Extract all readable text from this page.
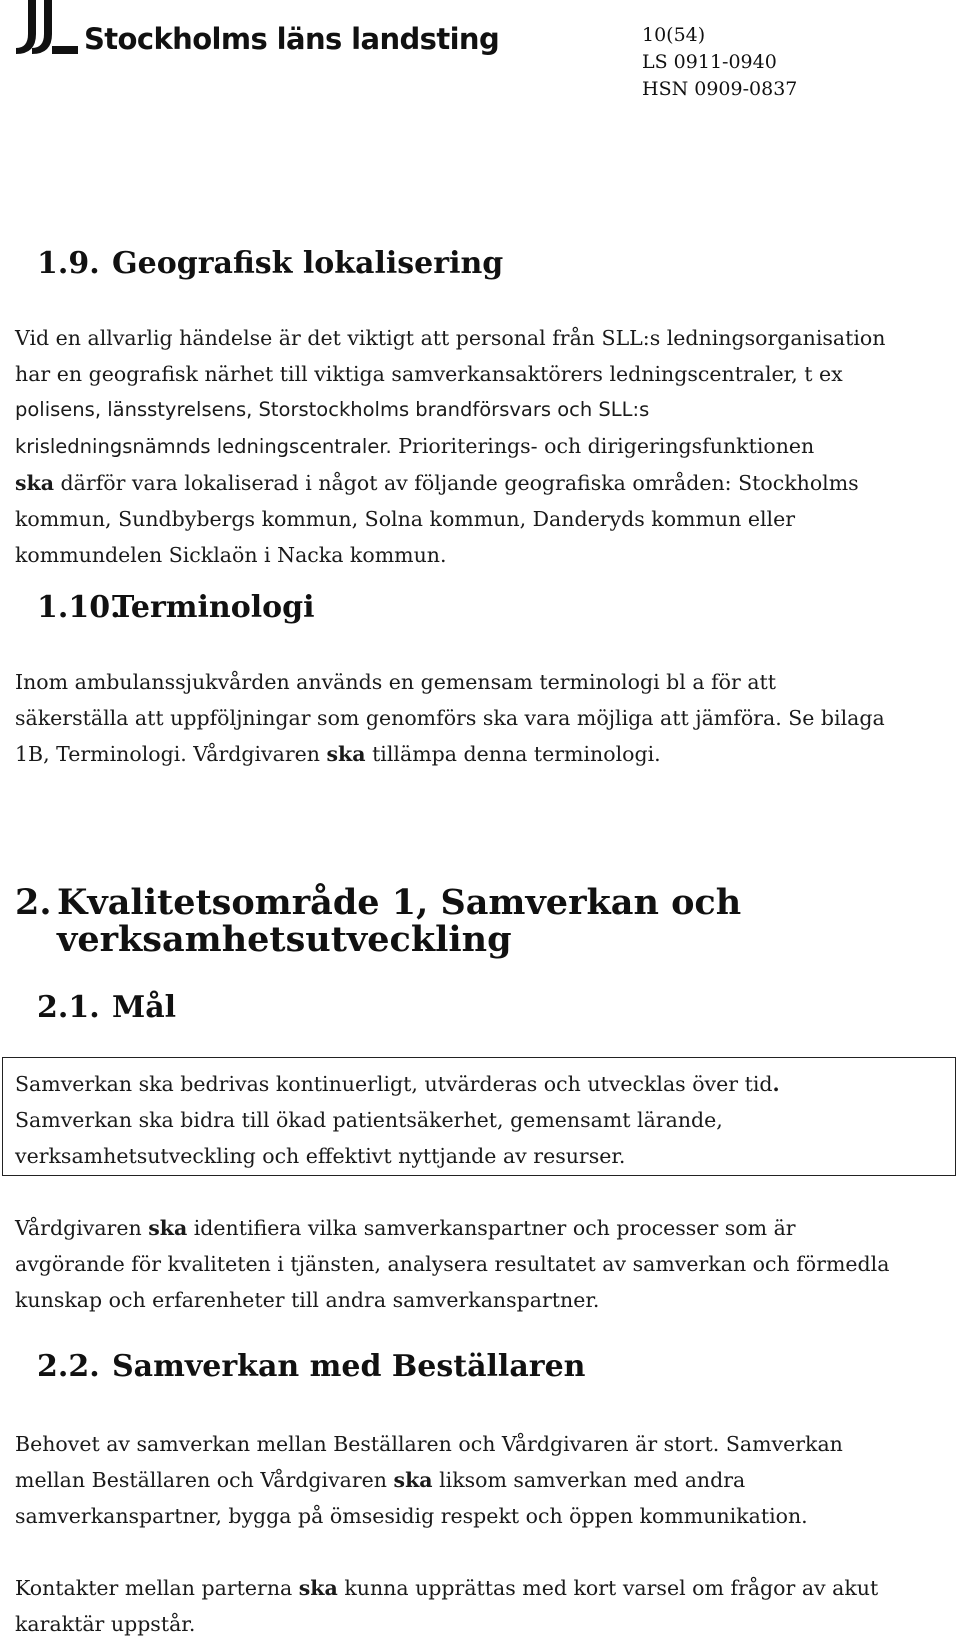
Stockholms läns landsting	10(54)
LS 0911-0940
HSN 0909-0837
1.9. Geografisk lokalisering
Vid en allvarlig händelse är det viktigt att personal från SLL:s ledningsorganisation
har en geografisk närhet till viktiga samverkansaktörers ledningscentraler, t ex
polisens, länsstyrelsens, Storstockholms brandförsvars och SLL:s
krisledningsnämnds ledningscentraler. Prioriterings- och dirigeringsfunktionen
ska därför vara lokaliserad i något av följande geografiska områden: Stockholms
kommun, Sundbybergs kommun, Solna kommun, Danderyds kommun eller
kommundelen Sicklaön i Nacka kommun.
1.10.
Terminologi
Inom ambulanssjukvården används en gemensam terminologi bl a för att
säkerställa att uppföljningar som genomförs ska vara möjliga att jämföra. Se bilaga
1B, Terminologi. Vårdgivaren ska tillämpa denna terminologi.
2. Kvalitetsområde 1, Samverkan och
verksamhetsutveckling
2.1. Mål
Samverkan ska bedrivas kontinuerligt, utvärderas och utvecklas över tid.
Samverkan ska bidra till ökad patientsäkerhet, gemensamt lärande,
verksamhetsutveckling och effektivt nyttjande av resurser.
Vårdgivaren ska identifiera vilka samverkanspartner och processer som är
avgörande för kvaliteten i tjänsten, analysera resultatet av samverkan och förmedla
kunskap och erfarenheter till andra samverkanspartner.
2.2. Samverkan med Beställaren
Behovet av samverkan mellan Beställaren och Vårdgivaren är stort. Samverkan
mellan Beställaren och Vårdgivaren ska liksom samverkan med andra
samverkanspartner, bygga på ömsesidig respekt och öppen kommunikation.
Kontakter mellan parterna ska kunna upprättas med kort varsel om frågor av akut
karaktär uppstår.
